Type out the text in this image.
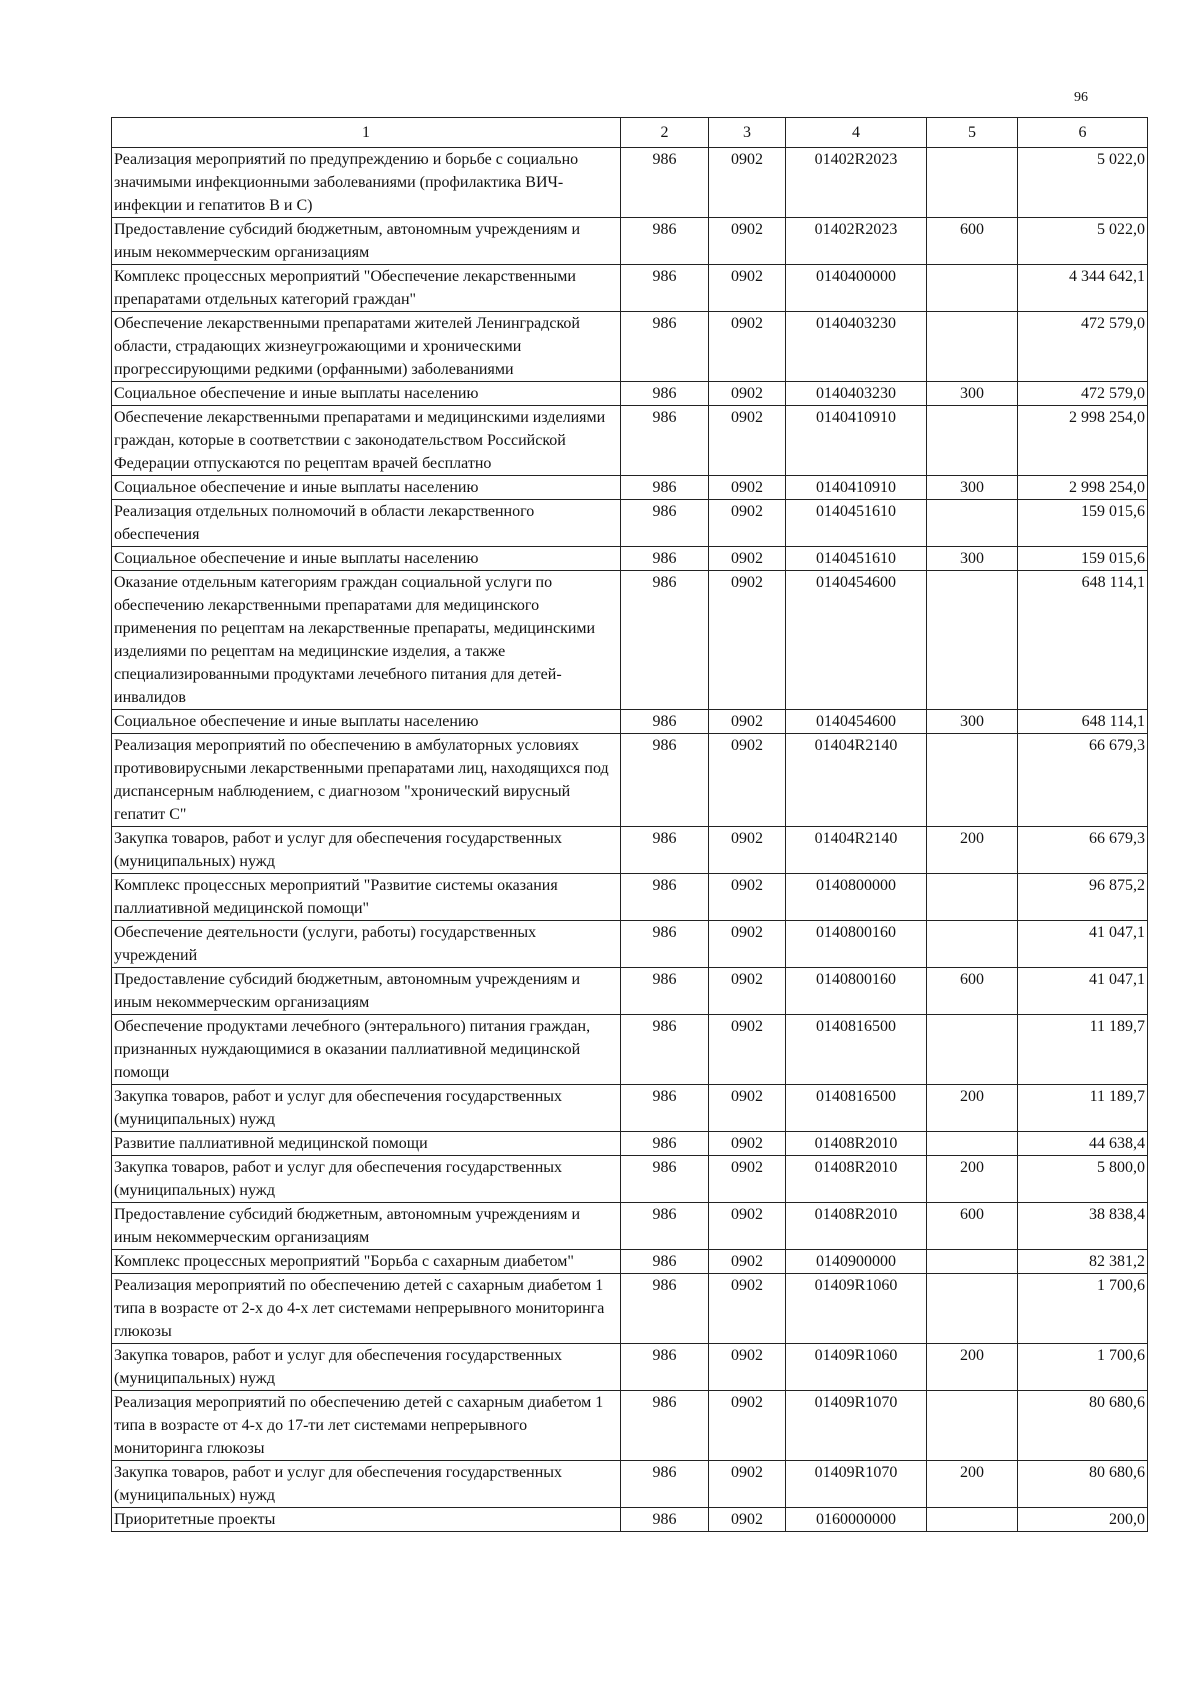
96
1	2	3	4	5	6
Реализация мероприятий по предупреждению и борьбе с социально значимыми инфекционными заболеваниями (профилактика ВИЧ-инфекции и гепатитов В и С)	986	0902	01402R2023		5 022,0
Предоставление субсидий бюджетным, автономным учреждениям и иным некоммерческим организациям	986	0902	01402R2023	600	5 022,0
Комплекс процессных мероприятий "Обеспечение лекарственными препаратами отдельных категорий граждан"	986	0902	0140400000		4 344 642,1
Обеспечение лекарственными препаратами жителей Ленинградской области, страдающих жизнеугрожающими и хроническими прогрессирующими редкими (орфанными) заболеваниями	986	0902	0140403230		472 579,0
Социальное обеспечение и иные выплаты населению	986	0902	0140403230	300	472 579,0
Обеспечение лекарственными препаратами и медицинскими изделиями граждан, которые в соответствии с законодательством Российской Федерации отпускаются по рецептам врачей бесплатно	986	0902	0140410910		2 998 254,0
Социальное обеспечение и иные выплаты населению	986	0902	0140410910	300	2 998 254,0
Реализация отдельных полномочий в области лекарственного обеспечения	986	0902	0140451610		159 015,6
Социальное обеспечение и иные выплаты населению	986	0902	0140451610	300	159 015,6
Оказание отдельным категориям граждан социальной услуги по обеспечению лекарственными препаратами для медицинского применения по рецептам на лекарственные препараты, медицинскими изделиями по рецептам на медицинские изделия, а также специализированными продуктами лечебного питания для детей-инвалидов	986	0902	0140454600		648 114,1
Социальное обеспечение и иные выплаты населению	986	0902	0140454600	300	648 114,1
Реализация мероприятий по обеспечению в амбулаторных условиях противовирусными лекарственными препаратами лиц, находящихся под диспансерным наблюдением, с диагнозом "хронический вирусный гепатит С"	986	0902	01404R2140		66 679,3
Закупка товаров, работ и услуг для обеспечения государственных (муниципальных) нужд	986	0902	01404R2140	200	66 679,3
Комплекс процессных мероприятий "Развитие системы оказания паллиативной медицинской помощи"	986	0902	0140800000		96 875,2
Обеспечение деятельности (услуги, работы) государственных учреждений	986	0902	0140800160		41 047,1
Предоставление субсидий бюджетным, автономным учреждениям и иным некоммерческим организациям	986	0902	0140800160	600	41 047,1
Обеспечение продуктами лечебного (энтерального) питания граждан, признанных нуждающимися в оказании паллиативной медицинской помощи	986	0902	0140816500		11 189,7
Закупка товаров, работ и услуг для обеспечения государственных (муниципальных) нужд	986	0902	0140816500	200	11 189,7
Развитие паллиативной медицинской помощи	986	0902	01408R2010		44 638,4
Закупка товаров, работ и услуг для обеспечения государственных (муниципальных) нужд	986	0902	01408R2010	200	5 800,0
Предоставление субсидий бюджетным, автономным учреждениям и иным некоммерческим организациям	986	0902	01408R2010	600	38 838,4
Комплекс процессных мероприятий "Борьба с сахарным диабетом"	986	0902	0140900000		82 381,2
Реализация мероприятий по обеспечению детей с сахарным диабетом 1 типа в возрасте от 2-х до 4-х лет системами непрерывного мониторинга глюкозы	986	0902	01409R1060		1 700,6
Закупка товаров, работ и услуг для обеспечения государственных (муниципальных) нужд	986	0902	01409R1060	200	1 700,6
Реализация мероприятий по обеспечению детей с сахарным диабетом 1 типа в возрасте от 4-х до 17-ти лет системами непрерывного мониторинга глюкозы	986	0902	01409R1070		80 680,6
Закупка товаров, работ и услуг для обеспечения государственных (муниципальных) нужд	986	0902	01409R1070	200	80 680,6
Приоритетные проекты	986	0902	0160000000		200,0
